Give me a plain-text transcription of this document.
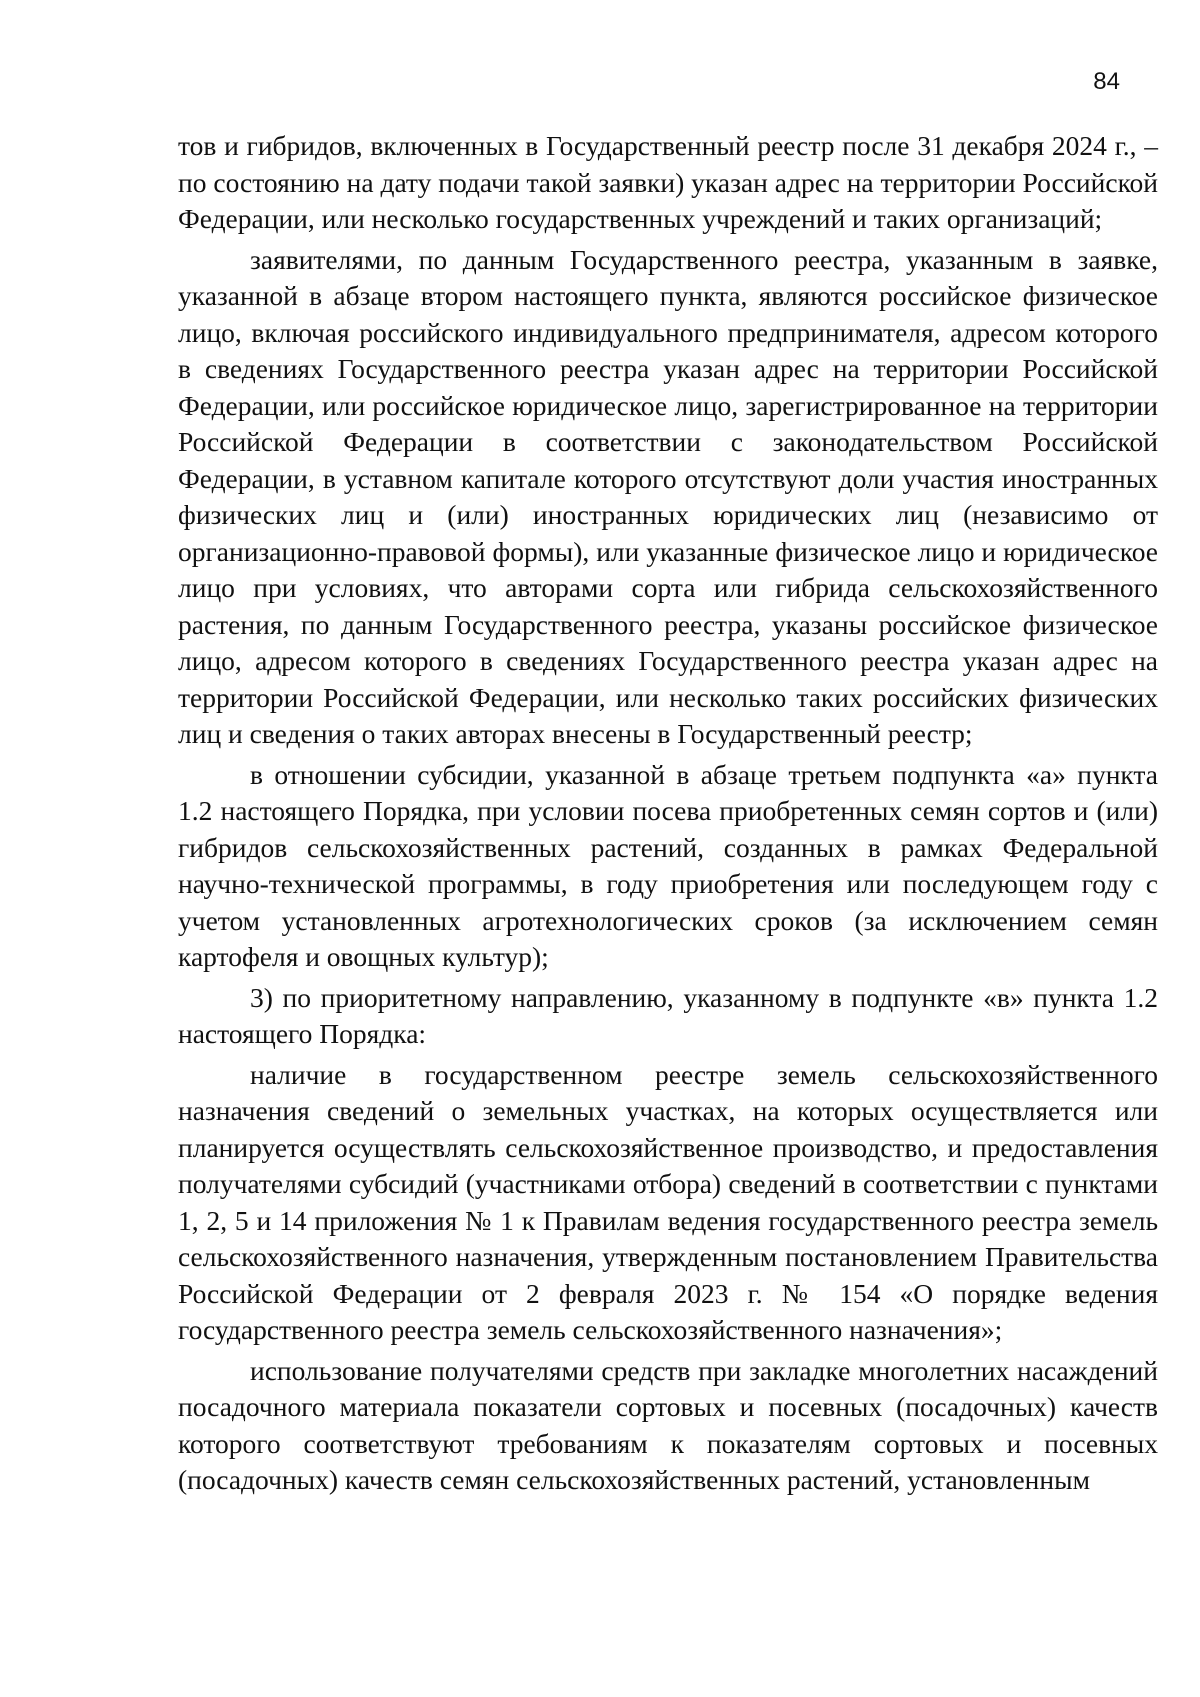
84

тов и гибридов, включенных в Государственный реестр после 31 декабря 2024 г., – по состоянию на дату подачи такой заявки) указан адрес на территории Российской Федерации, или несколько государственных учреждений и таких организаций;

заявителями, по данным Государственного реестра, указанным в заявке, указанной в абзаце втором настоящего пункта, являются российское физическое лицо, включая российского индивидуального предпринимателя, адресом которого в сведениях Государственного реестра указан адрес на территории Российской Федерации, или российское юридическое лицо, зарегистрированное на территории Российской Федерации в соответствии с законодательством Российской Федерации, в уставном капитале которого отсутствуют доли участия иностранных физических лиц и (или) иностранных юридических лиц (независимо от организационно-правовой формы), или указанные физическое лицо и юридическое лицо при условиях, что авторами сорта или гибрида сельскохозяйственного растения, по данным Государственного реестра, указаны российское физическое лицо, адресом которого в сведениях Государственного реестра указан адрес на территории Российской Федерации, или несколько таких российских физических лиц и сведения о таких авторах внесены в Государственный реестр;

в отношении субсидии, указанной в абзаце третьем подпункта «а» пункта 1.2 настоящего Порядка, при условии посева приобретенных семян сортов и (или) гибридов сельскохозяйственных растений, созданных в рамках Федеральной научно-технической программы, в году приобретения или последующем году с учетом установленных агротехнологических сроков (за исключением семян картофеля и овощных культур);

3) по приоритетному направлению, указанному в подпункте «в» пункта 1.2 настоящего Порядка:

наличие в государственном реестре земель сельскохозяйственного назначения сведений о земельных участках, на которых осуществляется или планируется осуществлять сельскохозяйственное производство, и предоставления получателями субсидий (участниками отбора) сведений в соответствии с пунктами 1, 2, 5 и 14 приложения № 1 к Правилам ведения государственного реестра земель сельскохозяйственного назначения, утвержденным постановлением Правительства Российской Федерации от 2 февраля 2023 г. № 154 «О порядке ведения государственного реестра земель сельскохозяйственного назначения»;

использование получателями средств при закладке многолетних насаждений посадочного материала показатели сортовых и посевных (посадочных) качеств которого соответствуют требованиям к показателям сортовых и посевных (посадочных) качеств семян сельскохозяйственных растений, установленным
